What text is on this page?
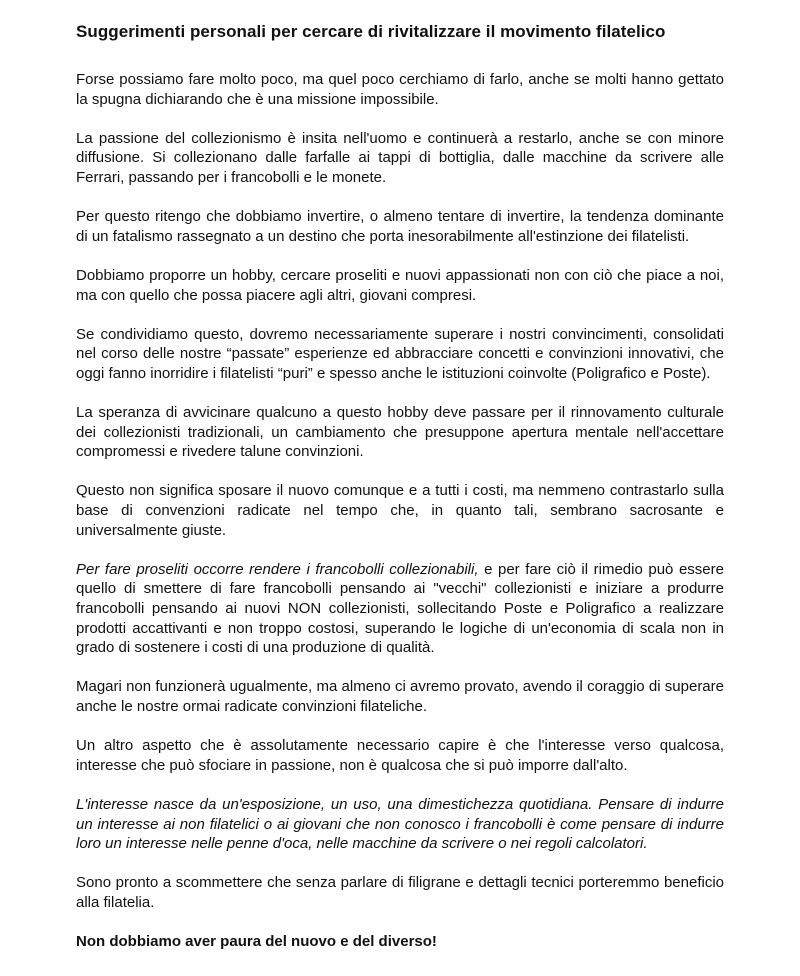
Suggerimenti personali per cercare di rivitalizzare il movimento filatelico

Forse possiamo fare molto poco, ma quel poco cerchiamo di farlo, anche se molti hanno gettato la spugna dichiarando che è una missione impossibile.

La passione del collezionismo è insita nell'uomo e continuerà a restarlo, anche se con minore diffusione. Si collezionano dalle farfalle ai tappi di bottiglia, dalle macchine da scrivere alle Ferrari, passando per i francobolli e le monete.

Per questo ritengo che dobbiamo invertire, o almeno tentare di invertire, la tendenza dominante di un fatalismo rassegnato a un destino che porta inesorabilmente all'estinzione dei filatelisti.

Dobbiamo proporre un hobby, cercare proseliti e nuovi appassionati non con ciò che piace a noi, ma con quello che possa piacere agli altri, giovani compresi.

Se condividiamo questo, dovremo necessariamente superare i nostri convincimenti, consolidati nel corso delle nostre “passate” esperienze ed abbracciare concetti e convinzioni innovativi, che oggi fanno inorridire i filatelisti “puri” e spesso anche le istituzioni coinvolte (Poligrafico e Poste).

La speranza di avvicinare qualcuno a questo hobby deve passare per il rinnovamento culturale dei collezionisti tradizionali, un cambiamento che presuppone apertura mentale nell'accettare compromessi e rivedere talune convinzioni.

Questo non significa sposare il nuovo comunque e a tutti i costi, ma nemmeno contrastarlo sulla base di convenzioni radicate nel tempo che, in quanto tali, sembrano sacrosante e universalmente giuste.

Per fare proseliti occorre rendere i francobolli collezionabili, e per fare ciò il rimedio può essere quello di smettere di fare francobolli pensando ai "vecchi" collezionisti e iniziare a produrre francobolli pensando ai nuovi NON collezionisti, sollecitando Poste e Poligrafico a realizzare prodotti accattivanti e non troppo costosi, superando le logiche di un'economia di scala non in grado di sostenere i costi di una produzione di qualità.

Magari non funzionerà ugualmente, ma almeno ci avremo provato, avendo il coraggio di superare anche le nostre ormai radicate convinzioni filateliche.

Un altro aspetto che è assolutamente necessario capire è che l'interesse verso qualcosa, interesse che può sfociare in passione, non è qualcosa che si può imporre dall'alto.

L'interesse nasce da un'esposizione, un uso, una dimestichezza quotidiana. Pensare di indurre un interesse ai non filatelici o ai giovani che non conosco i francobolli è come pensare di indurre loro un interesse nelle penne d'oca, nelle macchine da scrivere o nei regoli calcolatori.

Sono pronto a scommettere che senza parlare di filigrane e dettagli tecnici porteremmo beneficio alla filatelia.

Non dobbiamo aver paura del nuovo e del diverso!
